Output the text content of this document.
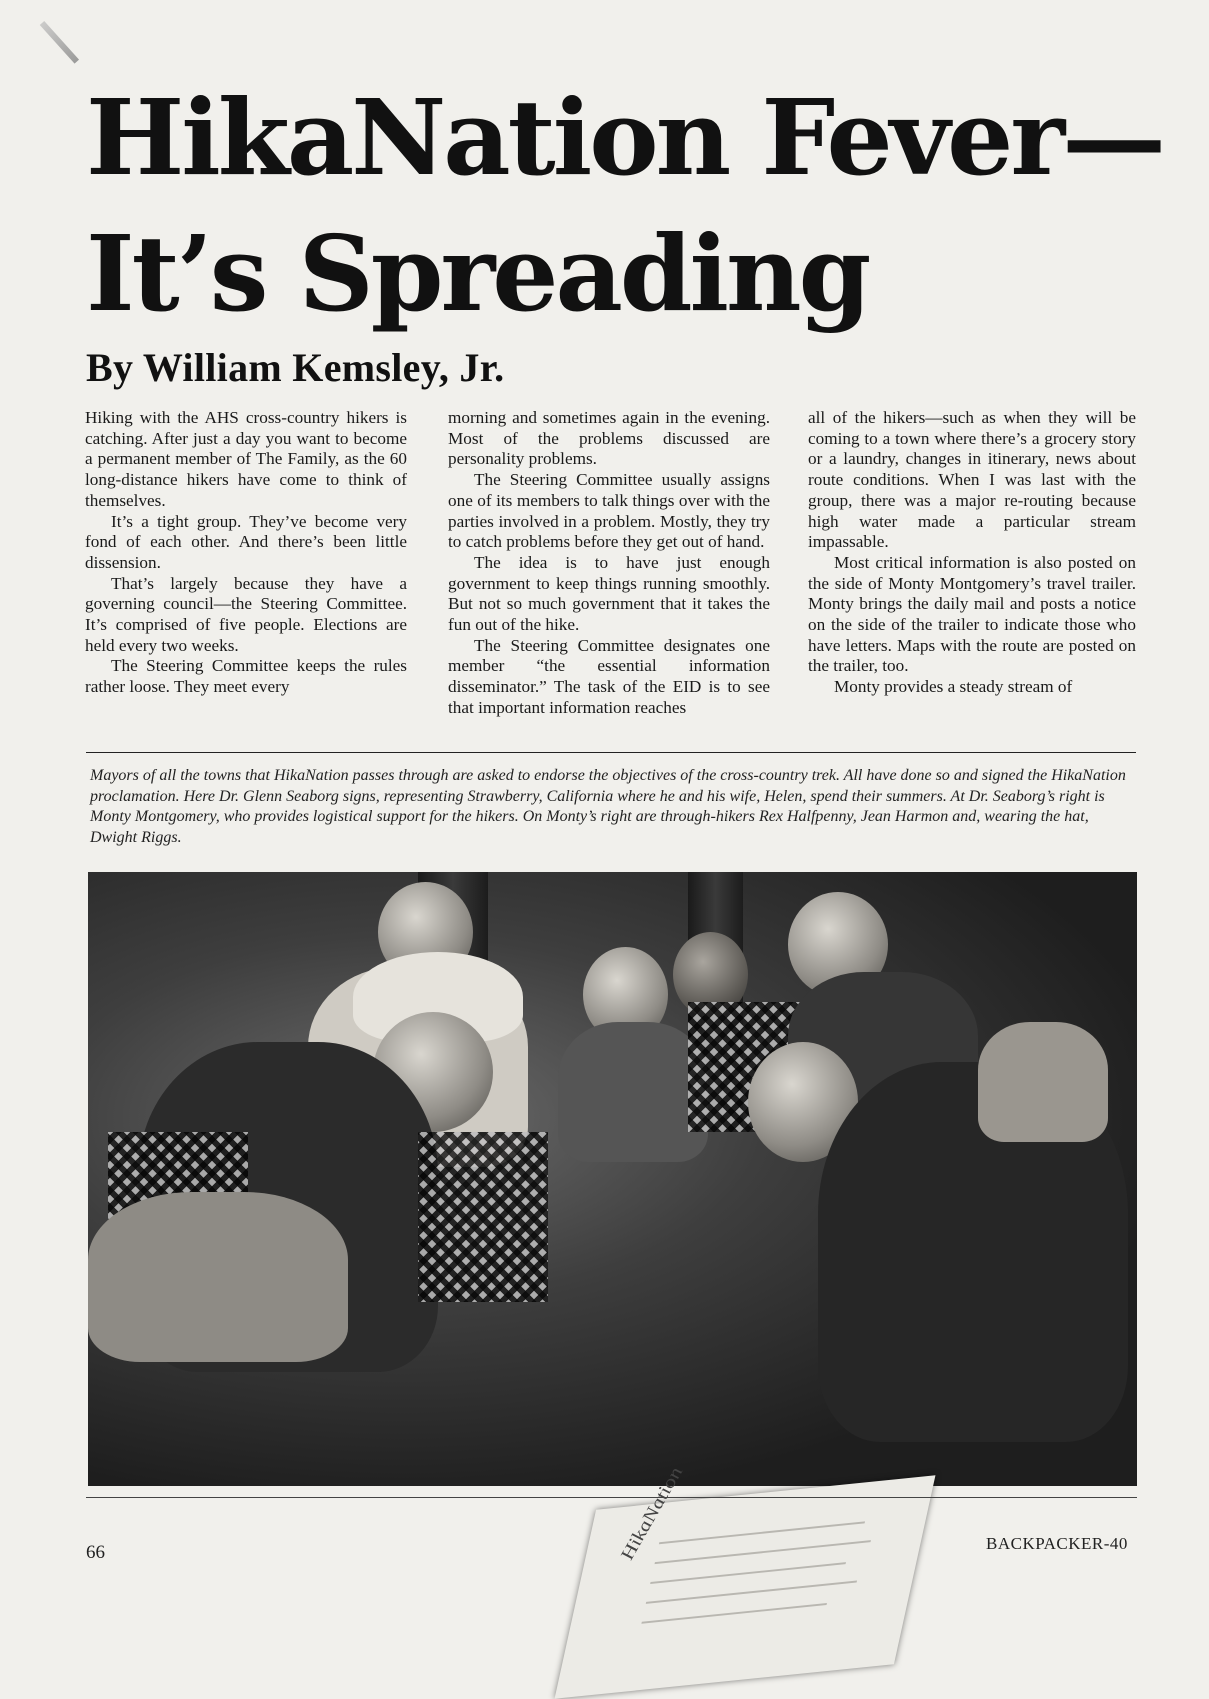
HikaNation Fever—
It’s Spreading
By William Kemsley, Jr.

Hiking with the AHS cross-country hikers is catching. After just a day you want to become a permanent member of The Family, as the 60 long-distance hikers have come to think of themselves.

It’s a tight group. They’ve become very fond of each other. And there’s been little dissension.

That’s largely because they have a governing council—the Steering Committee. It’s comprised of five people. Elections are held every two weeks.

The Steering Committee keeps the rules rather loose. They meet every

morning and sometimes again in the evening. Most of the problems discussed are personality problems.

The Steering Committee usually assigns one of its members to talk things over with the parties involved in a problem. Mostly, they try to catch problems before they get out of hand.

The idea is to have just enough government to keep things running smoothly. But not so much government that it takes the fun out of the hike.

The Steering Committee designates one member “the essential information disseminator.” The task of the EID is to see that important information reaches

all of the hikers—such as when they will be coming to a town where there’s a grocery story or a laundry, changes in itinerary, news about route conditions. When I was last with the group, there was a major re-routing because high water made a particular stream impassable.

Most critical information is also posted on the side of Monty Montgomery’s travel trailer. Monty brings the daily mail and posts a notice on the side of the trailer to indicate those who have letters. Maps with the route are posted on the trailer, too.

Monty provides a steady stream of

Mayors of all the towns that HikaNation passes through are asked to endorse the objectives of the cross-country trek. All have done so and signed the HikaNation proclamation. Here Dr. Glenn Seaborg signs, representing Strawberry, California where he and his wife, Helen, spend their summers. At Dr. Seaborg’s right is Monty Montgomery, who provides logistical support for the hikers. On Monty’s right are through-hikers Rex Halfpenny, Jean Harmon and, wearing the hat, Dwight Riggs.

HikaNation
66	BACKPACKER-40
